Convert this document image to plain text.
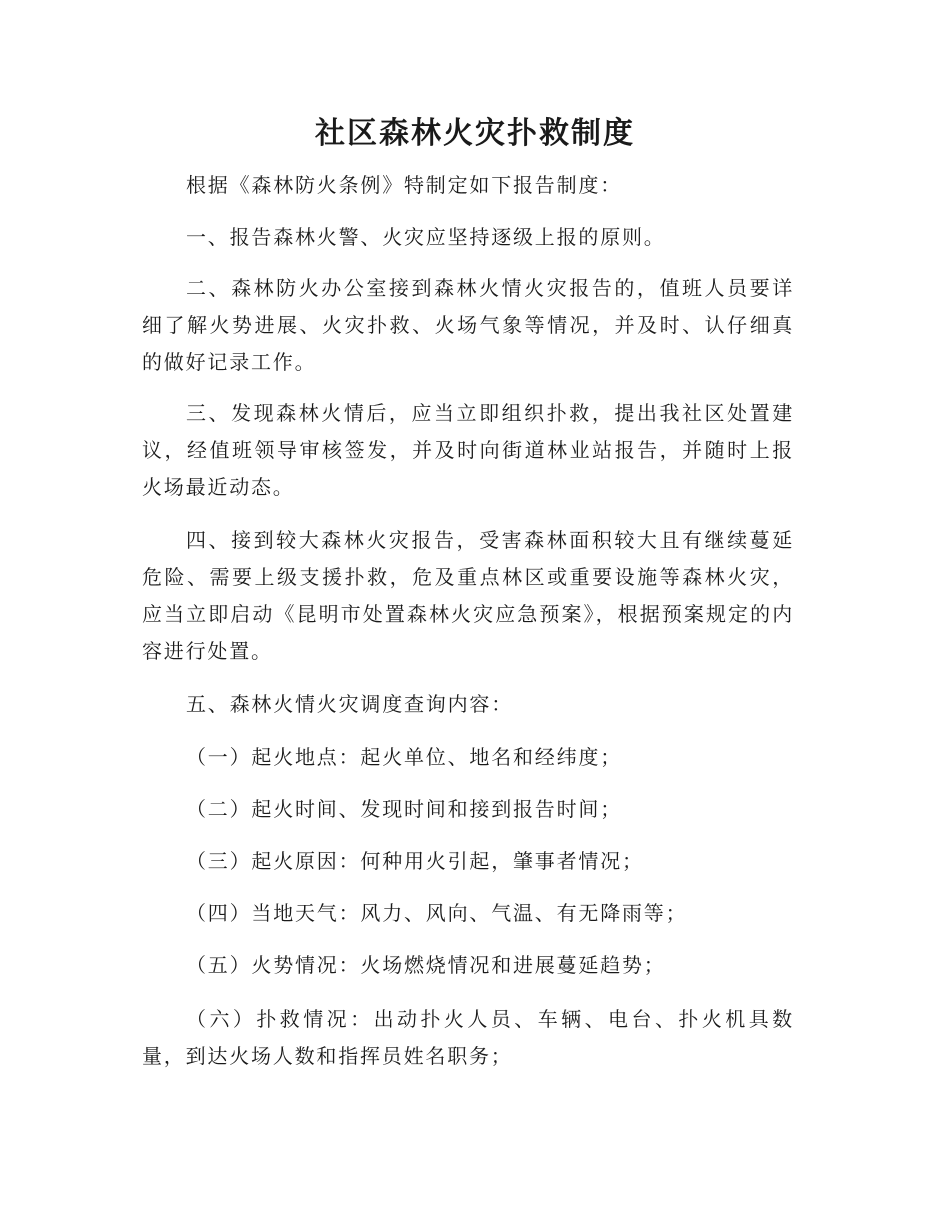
社区森林火灾扑救制度

根据《森林防火条例》特制定如下报告制度：

一、报告森林火警、火灾应坚持逐级上报的原则。

二、森林防火办公室接到森林火情火灾报告的，值班人员要详细了解火势进展、火灾扑救、火场气象等情况，并及时、认仔细真的做好记录工作。

三、发现森林火情后，应当立即组织扑救，提出我社区处置建议，经值班领导审核签发，并及时向街道林业站报告，并随时上报火场最近动态。

四、接到较大森林火灾报告，受害森林面积较大且有继续蔓延危险、需要上级支援扑救，危及重点林区或重要设施等森林火灾，应当立即启动《昆明市处置森林火灾应急预案》，根据预案规定的内容进行处置。

五、森林火情火灾调度查询内容：

（一）起火地点：起火单位、地名和经纬度；

（二）起火时间、发现时间和接到报告时间；

（三）起火原因：何种用火引起，肇事者情况；

（四）当地天气：风力、风向、气温、有无降雨等；

（五）火势情况：火场燃烧情况和进展蔓延趋势；

（六）扑救情况：出动扑火人员、车辆、电台、扑火机具数量，到达火场人数和指挥员姓名职务；
